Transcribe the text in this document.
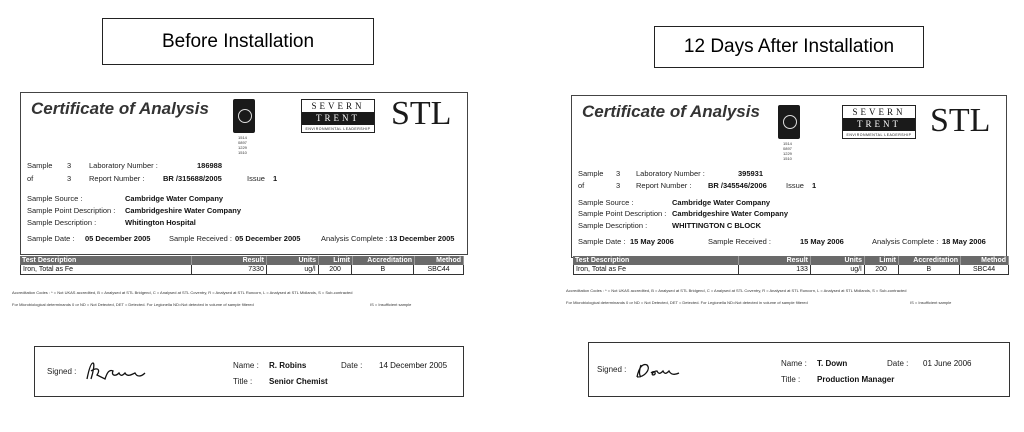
Before Installation
Certificate of Analysis
1514
0897
1229
1510
SEVERN
TRENT
ENVIRONMENTAL LEADERSHIP STL
Sample 3 Laboratory Number :	186988
of	3 Report Number : BR /315688/2005	Issue 1
Sample Source :	Cambridge Water Company
Sample Point Description : Cambridgeshire Water Company
Sample Description :	Whitington Hospital
Sample Date : 05 December 2005 Sample Received : 05 December 2005	Analysis Complete : 13 December 2005
Test Description	Result	Units	Limit	Accreditation	Method
Iron, Total as Fe	7330	ug/l	200	B	SBC44
Accreditation Codes : * = Not UKAS accredited, B = Analysed at STL Bridgend, C = Analysed at STL Coventry, R = Analysed at STL Runcorn, L = Analysed at STL Midlands, S = Sub-contracted
For Microbiological determinands 0 or ND = Not Detected, DET = Detected. For Legionella ND=Not detected in volume of sample filtered	IS = Insufficient sample
Signed :
Name : R. Robins	Date : 14 December 2005
Title : Senior Chemist
12 Days After Installation
Certificate of Analysis
1514
0897
1229
1510
SEVERN
TRENT
ENVIRONMENTAL LEADERSHIP STL
Sample 3 Laboratory Number :	395931
of	3 Report Number : BR /345546/2006	Issue 1
Sample Source :	Cambridge Water Company
Sample Point Description : Cambridgeshire Water Company
Sample Description :	WHITTINGTON C BLOCK
Sample Date : 15 May 2006	Sample Received :	15 May 2006	Analysis Complete : 18 May 2006
Test Description	Result	Units	Limit	Accreditation	Method
Iron, Total as Fe	133	ug/l	200	B	SBC44
Accreditation Codes : * = Not UKAS accredited, B = Analysed at STL Bridgend, C = Analysed at STL Coventry, R = Analysed at STL Runcorn, L = Analysed at STL Midlands, S = Sub-contracted
For Microbiological determinands 0 or ND = Not Detected, DET = Detected. For Legionella ND=Not detected in volume of sample filtered	IS = Insufficient sample
Signed :
Name : T. Down	Date : 01 June 2006
Title : Production Manager
